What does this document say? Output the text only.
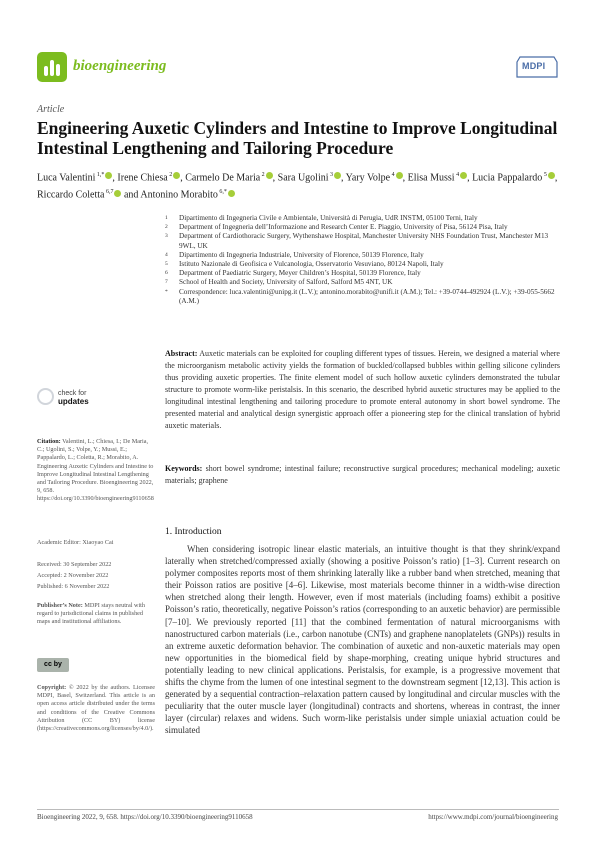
bioengineering	MDPI
Article
Engineering Auxetic Cylinders and Intestine to Improve Longitudinal Intestinal Lengthening and Tailoring Procedure
Luca Valentini $^{1,*}$ , Irene Chiesa $^2$ , Carmelo De Maria $^2$ , Sara Ugolini $^3$ , Yary Volpe $^4$ , Elisa Mussi $^4$ , Lucia Pappalardo $^5$ , Riccardo Coletta $^{6,7}$ and Antonino Morabito $^{6,*}$
1	Dipartimento di Ingegneria Civile e Ambientale, Università di Perugia, UdR INSTM, 05100 Terni, Italy
2	Department of Ingegneria dell’Informazione and Research Center E. Piaggio, University of Pisa, 56124 Pisa, Italy
3	Department of Cardiothoracic Surgery, Wythenshawe Hospital, Manchester University NHS Foundation Trust, Manchester M13 9WL, UK
4	Dipartimento di Ingegneria Industriale, University of Florence, 50139 Florence, Italy
5	Istituto Nazionale di Geofisica e Vulcanologia, Osservatorio Vesuviano, 80124 Napoli, Italy
6	Department of Paediatric Surgery, Meyer Children’s Hospital, 50139 Florence, Italy
7	School of Health and Society, University of Salford, Salford M5 4NT, UK
*	Correspondence: luca.valentini@unipg.it (L.V.); antonino.morabito@unifi.it (A.M.); Tel.: +39-0744-492924 (L.V.); +39-055-5662 (A.M.)
Abstract: Auxetic materials can be exploited for coupling different types of tissues. Herein, we designed a material where the microorganism metabolic activity yields the formation of buckled/collapsed bubbles within gelling silicone cylinders thus providing auxetic properties. The finite element model of such hollow auxetic cylinders demonstrated the tubular structure to promote worm-like peristalsis. In this scenario, the described hybrid auxetic structures may be applied to the longitudinal intestinal lengthening and tailoring procedure to promote enteral autonomy in short bowel syndrome. The presented material and analytical design synergistic approach offer a pioneering step for the clinical translation of hybrid auxetic materials.
Keywords: short bowel syndrome; intestinal failure; reconstructive surgical procedures; mechanical modeling; auxetic materials; graphene
check for
updates
Citation: Valentini, L.; Chiesa, I.; De Maria, C.; Ugolini, S.; Volpe, Y.; Mussi, E.; Pappalardo, L.; Coletta, R.; Morabito, A. Engineering Auxetic Cylinders and Intestine to Improve Longitudinal Intestinal Lengthening and Tailoring Procedure. Bioengineering 2022, 9, 658. https://doi.org/10.3390/bioengineering9110658
Academic Editor: Xiaoyao Cai
Received: 30 September 2022
Accepted: 2 November 2022
Published: 6 November 2022
Publisher’s Note: MDPI stays neutral with regard to jurisdictional claims in published maps and institutional affiliations.
cc by
Copyright: © 2022 by the authors. Licensee MDPI, Basel, Switzerland. This article is an open access article distributed under the terms and conditions of the Creative Commons Attribution (CC BY) license (https://creativecommons.org/licenses/by/4.0/).
1. Introduction
When considering isotropic linear elastic materials, an intuitive thought is that they shrink/expand laterally when stretched/compressed axially (showing a positive Poisson’s ratio) [1–3]. Current research on polymer composites reports most of them shrinking laterally like a rubber band when stretched, meaning that their Poisson ratios are positive [4–6]. Likewise, most materials become thinner in a width-wise direction when stretched along their length. However, even if most materials (including foams) exhibit a positive Poisson’s ratio, theoretically, negative Poisson’s ratios (corresponding to an auxetic behavior) are permissible [7–10]. We previously reported [11] that the combined fermentation of natural microorganisms with nanostructured carbon materials (i.e., carbon nanotube (CNTs) and graphene nanoplatelets (GNPs)) results in an extreme auxetic deformation behavior. The combination of auxetic and non-auxetic materials may open new opportunities in the biomedical field by shape-morphing, creating unique hybrid structures and potentially leading to new clinical applications. Peristalsis, for example, is a progressive movement that shifts the chyme from the lumen of one intestinal segment to the downstream segment [12,13]. This action is generated by a sequential contraction–relaxation pattern caused by longitudinal and circular muscles with the peculiarity that the outer muscle layer (longitudinal) contracts and shortens, whereas in contrast, the inner layer (circular) relaxes and widens. Such worm-like peristalsis under simple uniaxial actuation could be simulated
Bioengineering 2022, 9, 658. https://doi.org/10.3390/bioengineering9110658	https://www.mdpi.com/journal/bioengineering
